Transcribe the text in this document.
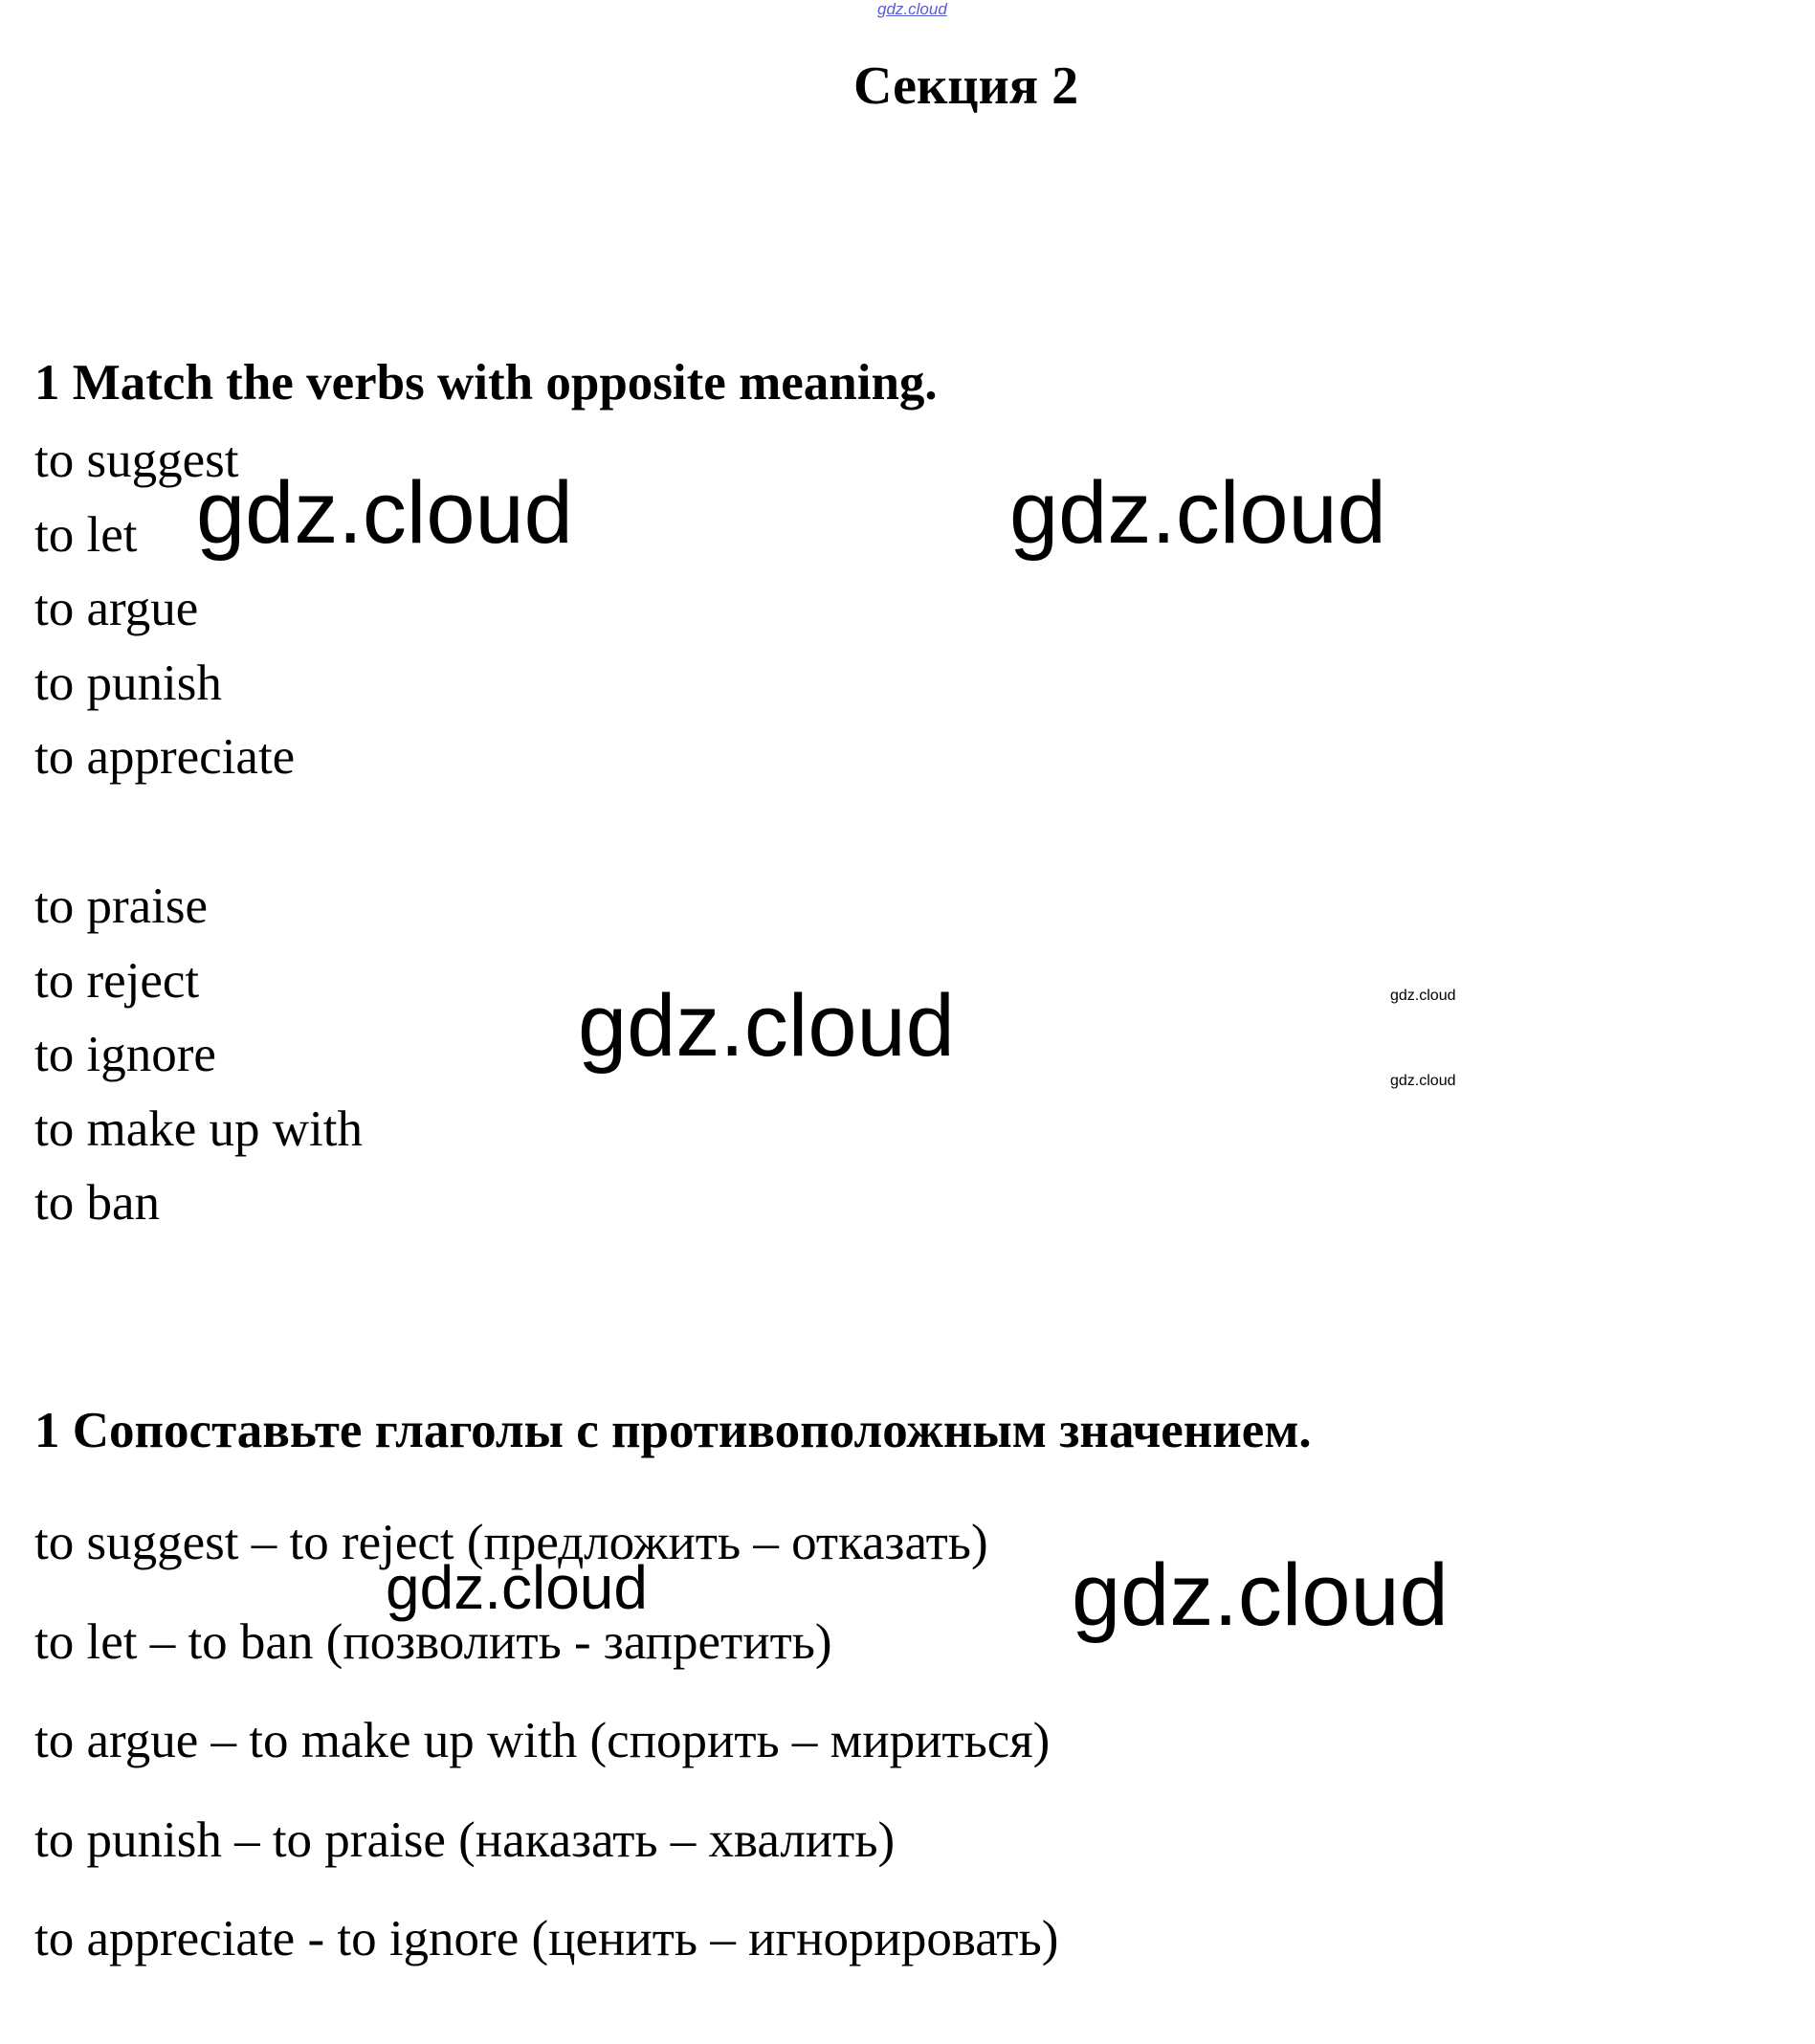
gdz.cloud
Секция 2
1 Match the verbs with opposite meaning.
to suggest
to let
to argue
to punish
to appreciate
to praise
to reject
to ignore
to make up with
to ban
1 Сопоставьте глаголы с противоположным значением.
to suggest – to reject (предложить – отказать)
to let – to ban (позволить - запретить)
to argue – to make up with (спорить – мириться)
to punish – to praise (наказать – хвалить)
to appreciate - to ignore (ценить – игнорировать)
gdz.cloud	gdz.cloud
gdz.cloud	gdz.cloud
gdz.cloud
gdz.cloud	gdz.cloud
